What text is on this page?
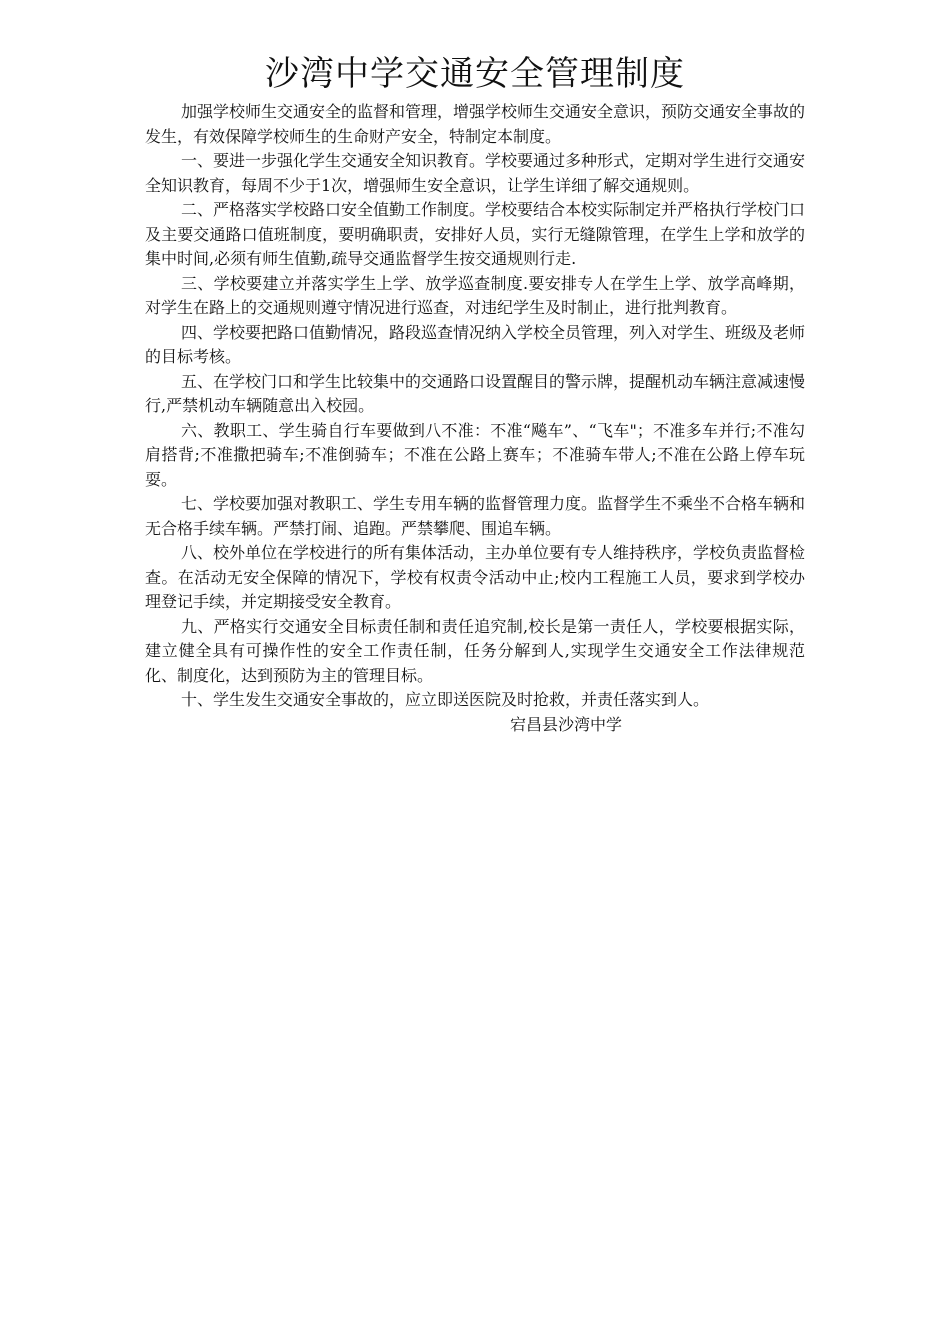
沙湾中学交通安全管理制度

加强学校师生交通安全的监督和管理，增强学校师生交通安全意识，预防交通安全事故的发生，有效保障学校师生的生命财产安全，特制定本制度。

一、要进一步强化学生交通安全知识教育。学校要通过多种形式，定期对学生进行交通安全知识教育，每周不少于1次，增强师生安全意识，让学生详细了解交通规则。

二、严格落实学校路口安全值勤工作制度。学校要结合本校实际制定并严格执行学校门口及主要交通路口值班制度，要明确职责，安排好人员，实行无缝隙管理，在学生上学和放学的集中时间,必须有师生值勤,疏导交通监督学生按交通规则行走.

三、学校要建立并落实学生上学、放学巡查制度.要安排专人在学生上学、放学高峰期，对学生在路上的交通规则遵守情况进行巡查，对违纪学生及时制止，进行批判教育。

四、学校要把路口值勤情况，路段巡查情况纳入学校全员管理，列入对学生、班级及老师的目标考核。

五、在学校门口和学生比较集中的交通路口设置醒目的警示牌，提醒机动车辆注意减速慢行,严禁机动车辆随意出入校园。

六、教职工、学生骑自行车要做到八不准：不准“飚车”、“飞车"；不准多车并行;不准勾肩搭背;不准撒把骑车;不准倒骑车；不准在公路上赛车；不准骑车带人;不准在公路上停车玩耍。

七、学校要加强对教职工、学生专用车辆的监督管理力度。监督学生不乘坐不合格车辆和无合格手续车辆。严禁打闹、追跑。严禁攀爬、围追车辆。

八、校外单位在学校进行的所有集体活动，主办单位要有专人维持秩序，学校负责监督检查。在活动无安全保障的情况下，学校有权责令活动中止;校内工程施工人员，要求到学校办理登记手续，并定期接受安全教育。

九、严格实行交通安全目标责任制和责任追究制,校长是第一责任人，学校要根据实际，建立健全具有可操作性的安全工作责任制，任务分解到人,实现学生交通安全工作法律规范化、制度化，达到预防为主的管理目标。

十、学生发生交通安全事故的，应立即送医院及时抢救，并责任落实到人。

宕昌县沙湾中学
